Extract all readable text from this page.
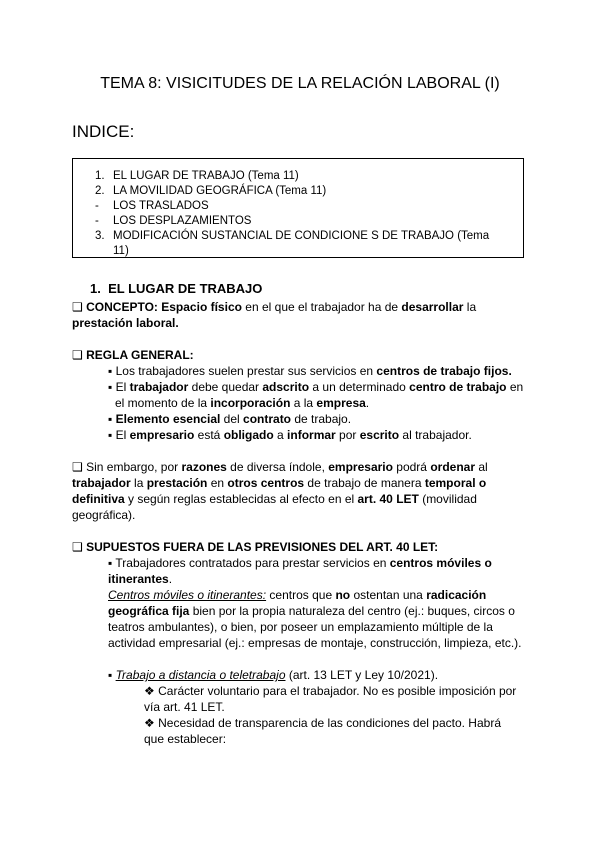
TEMA 8: VISICITUDES DE LA RELACIÓN LABORAL (I)
INDICE:
1. EL LUGAR DE TRABAJO (Tema 11)
2. LA MOVILIDAD GEOGRÁFICA (Tema 11)
- LOS TRASLADOS
- LOS DESPLAZAMIENTOS
3. MODIFICACIÓN SUSTANCIAL DE CONDICIONE S DE TRABAJO (Tema
11)
1. EL LUGAR DE TRABAJO
❑ CONCEPTO: Espacio físico en el que el trabajador ha de desarrollar la
prestación laboral.
❑ REGLA GENERAL:
▪ Los trabajadores suelen prestar sus servicios en centros de trabajo fijos.
▪ El trabajador debe quedar adscrito a un determinado centro de trabajo en
el momento de la incorporación a la empresa.
▪ Elemento esencial del contrato de trabajo.
▪ El empresario está obligado a informar por escrito al trabajador.
❑ Sin embargo, por razones de diversa índole, empresario podrá ordenar al
trabajador la prestación en otros centros de trabajo de manera temporal o
definitiva y según reglas establecidas al efecto en el art. 40 LET (movilidad
geográfica).
❑ SUPUESTOS FUERA DE LAS PREVISIONES DEL ART. 40 LET:
▪ Trabajadores contratados para prestar servicios en centros móviles o
itinerantes.
Centros móviles o itinerantes: centros que no ostentan una radicación
geográfica fija bien por la propia naturaleza del centro (ej.: buques, circos o
teatros ambulantes), o bien, por poseer un emplazamiento múltiple de la
actividad empresarial (ej.: empresas de montaje, construcción, limpieza, etc.).
▪ Trabajo a distancia o teletrabajo (art. 13 LET y Ley 10/2021).
❖ Carácter voluntario para el trabajador. No es posible imposición por
vía art. 41 LET.
❖ Necesidad de transparencia de las condiciones del pacto. Habrá
que establecer:
